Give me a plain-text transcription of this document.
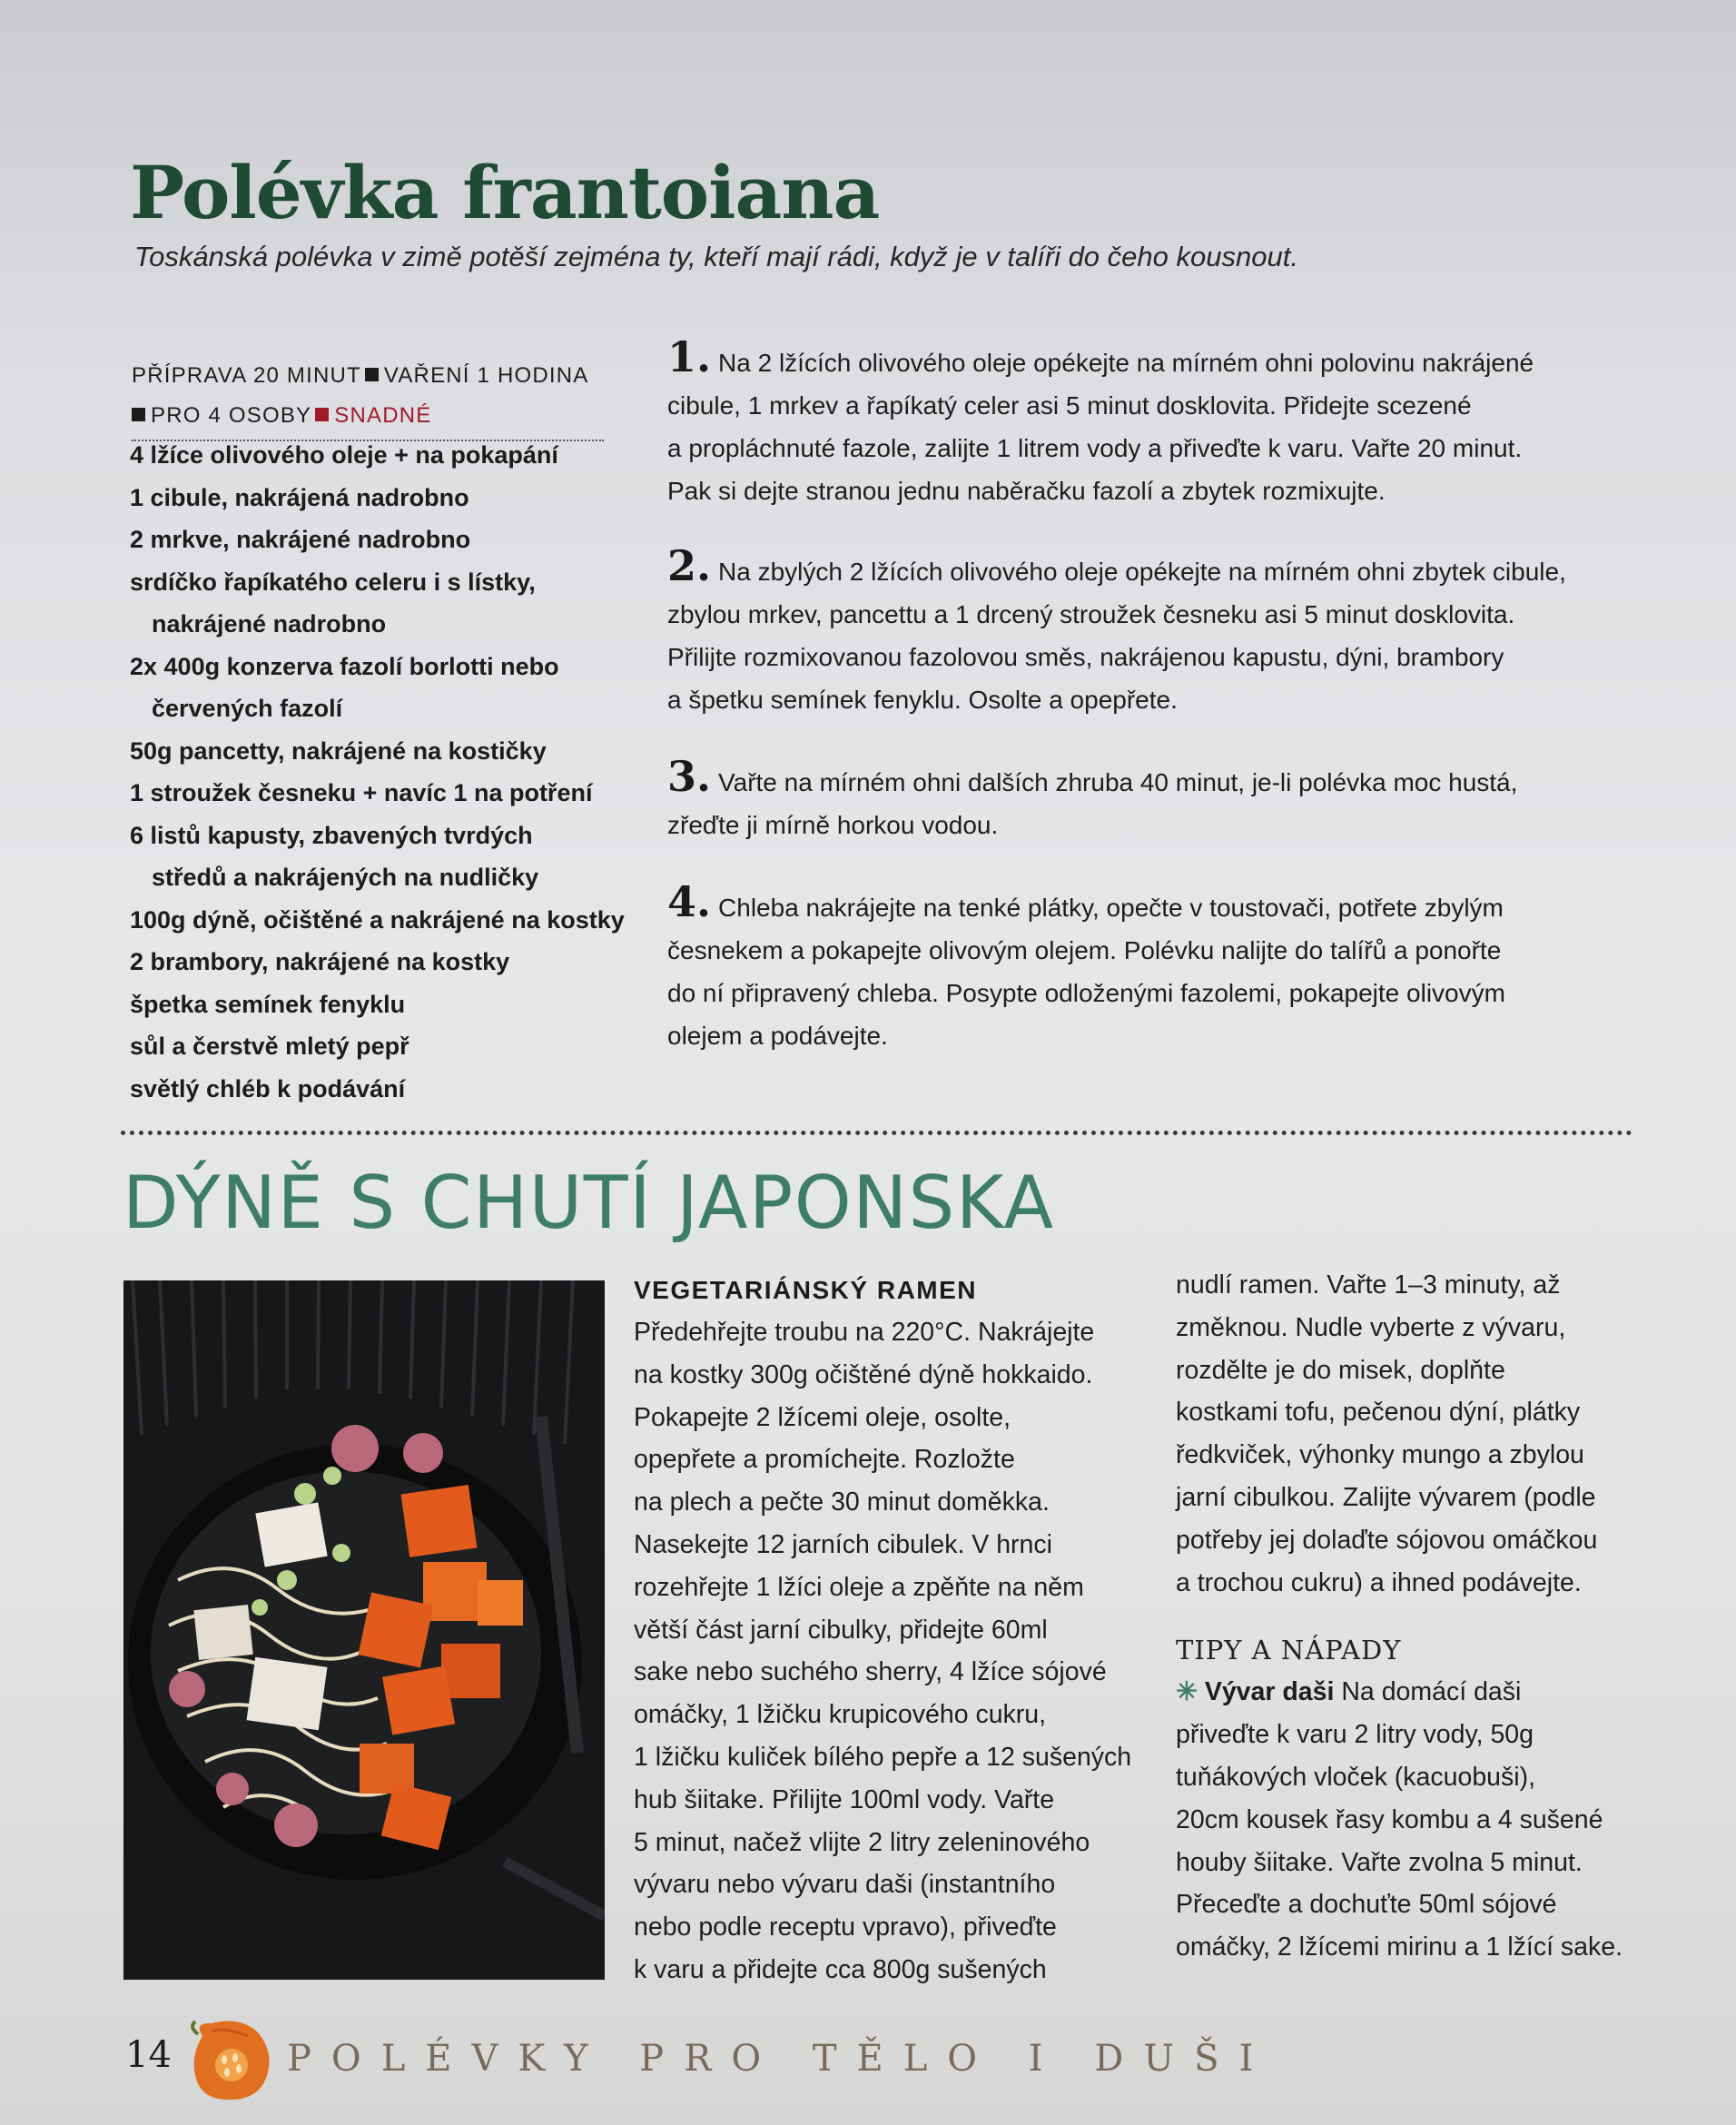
Polévka frantoiana

Toskánská polévka v zimě potěší zejména ty, kteří mají rádi, když je v talíři do čeho kousnout.

PŘÍPRAVA 20 MINUT VAŘENÍ 1 HODINA
PRO 4 OSOBY SNADNÉ
4 lžíce olivového oleje + na pokapání
1 cibule, nakrájená nadrobno
2 mrkve, nakrájené nadrobno
srdíčko řapíkatého celeru i s lístky,
nakrájené nadrobno
2x 400g konzerva fazolí borlotti nebo
červených fazolí
50g pancetty, nakrájené na kostičky
1 stroužek česneku + navíc 1 na potření
6 listů kapusty, zbavených tvrdých
středů a nakrájených na nudličky
100g dýně, očištěné a nakrájené na kostky
2 brambory, nakrájené na kostky
špetka semínek fenyklu
sůl a čerstvě mletý pepř
světlý chléb k podávání
1. Na 2 lžících olivového oleje opékejte na mírném ohni polovinu nakrájené
cibule, 1 mrkev a řapíkatý celer asi 5 minut dosklovita. Přidejte scezené
a propláchnuté fazole, zalijte 1 litrem vody a přiveďte k varu. Vařte 20 minut.
Pak si dejte stranou jednu naběračku fazolí a zbytek rozmixujte.
2. Na zbylých 2 lžících olivového oleje opékejte na mírném ohni zbytek cibule,
zbylou mrkev, pancettu a 1 drcený stroužek česneku asi 5 minut dosklovita.
Přilijte rozmixovanou fazolovou směs, nakrájenou kapustu, dýni, brambory
a špetku semínek fenyklu. Osolte a opepřete.
3. Vařte na mírném ohni dalších zhruba 40 minut, je-li polévka moc hustá,
zřeďte ji mírně horkou vodou.
4. Chleba nakrájejte na tenké plátky, opečte v toustovači, potřete zbylým
česnekem a pokapejte olivovým olejem. Polévku nalijte do talířů a ponořte
do ní připravený chleba. Posypte odloženými fazolemi, pokapejte olivovým
olejem a podávejte.
DÝNĚ S CHUTÍ JAPONSKA

VEGETARIÁNSKÝ RAMEN

Předehřejte troubu na 220°C. Nakrájejte
na kostky 300g očištěné dýně hokkaido.
Pokapejte 2 lžícemi oleje, osolte,
opepřete a promíchejte. Rozložte
na plech a pečte 30 minut doměkka.
Nasekejte 12 jarních cibulek. V hrnci
rozehřejte 1 lžíci oleje a zpěňte na něm
větší část jarní cibulky, přidejte 60ml
sake nebo suchého sherry, 4 lžíce sójové
omáčky, 1 lžičku krupicového cukru,
1 lžičku kuliček bílého pepře a 12 sušených
hub šiitake. Přilijte 100ml vody. Vařte
5 minut, načež vlijte 2 litry zeleninového
vývaru nebo vývaru daši (instantního
nebo podle receptu vpravo), přiveďte
k varu a přidejte cca 800g sušených
nudlí ramen. Vařte 1–3 minuty, až
změknou. Nudle vyberte z vývaru,
rozdělte je do misek, doplňte
kostkami tofu, pečenou dýní, plátky
ředkviček, výhonky mungo a zbylou
jarní cibulkou. Zalijte vývarem (podle
potřeby jej dolaďte sójovou omáčkou
a trochou cukru) a ihned podávejte.

TIPY A NÁPADY

✳ Vývar daši Na domácí daši
přiveďte k varu 2 litry vody, 50g
tuňákových vloček (kacuobuši),
20cm kousek řasy kombu a 4 sušené
houby šiitake. Vařte zvolna 5 minut.
Přeceďte a dochuťte 50ml sójové
omáčky, 2 lžícemi mirinu a 1 lžící sake.
14	POLÉVKY PRO TĚLO I DUŠI
